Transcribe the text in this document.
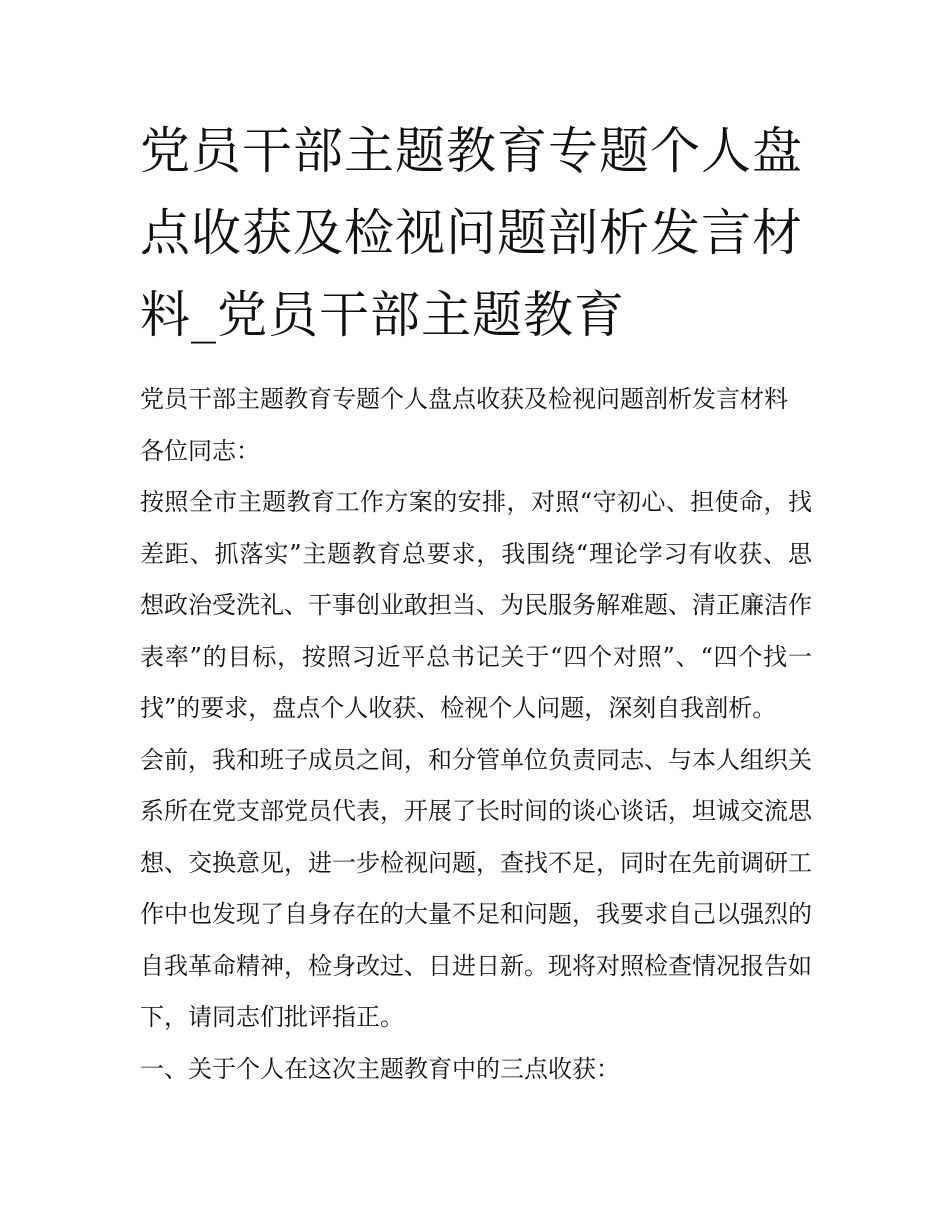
党员干部主题教育专题个人盘点收获及检视问题剖析发言材料_党员干部主题教育

党员干部主题教育专题个人盘点收获及检视问题剖析发言材料

各位同志：

按照全市主题教育工作方案的安排，对照“守初心、担使命，找差距、抓落实”主题教育总要求，我围绕“理论学习有收获、思想政治受洗礼、干事创业敢担当、为民服务解难题、清正廉洁作表率”的目标，按照习近平总书记关于“四个对照”、“四个找一找”的要求，盘点个人收获、检视个人问题，深刻自我剖析。

会前，我和班子成员之间，和分管单位负责同志、与本人组织关系所在党支部党员代表，开展了长时间的谈心谈话，坦诚交流思想、交换意见，进一步检视问题，查找不足，同时在先前调研工作中也发现了自身存在的大量不足和问题，我要求自己以强烈的自我革命精神，检身改过、日进日新。现将对照检查情况报告如下，请同志们批评指正。

一、关于个人在这次主题教育中的三点收获：
